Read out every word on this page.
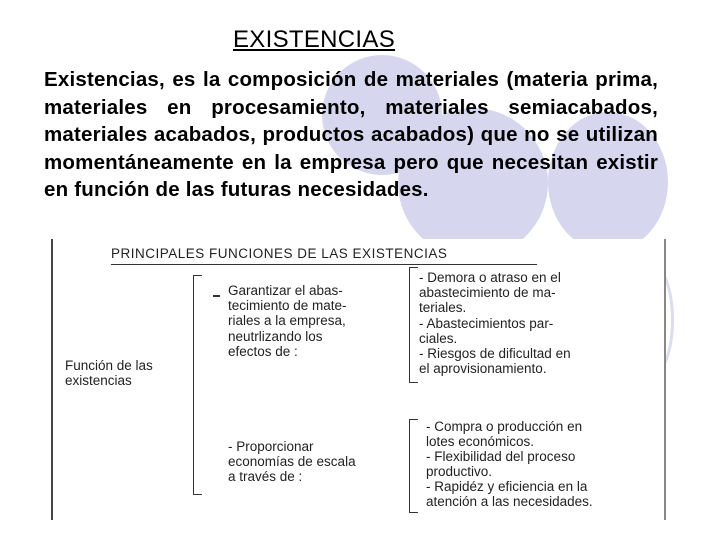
EXISTENCIAS
Existencias, es la composición de materiales (materia prima, materiales en procesamiento, materiales semiacabados, materiales acabados, productos acabados) que no se utilizan momentáneamente en la empresa pero que necesitan existir en función de las futuras necesidades.
PRINCIPALES FUNCIONES DE LAS EXISTENCIAS
Función de las
existencias
Garantizar el abas-
tecimiento de mate-
riales a la empresa,
neutrlizando los
efectos de :
- Proporcionar
economías de escala
a través de :
- Demora o atraso en el
abastecimiento de ma-
teriales.
- Abastecimientos par-
ciales.
- Riesgos de dificultad en
el aprovisionamiento.
- Compra o producción en
lotes económicos.
- Flexibilidad del proceso
productivo.
- Rapidéz y eficiencia en la
atención a las necesidades.
